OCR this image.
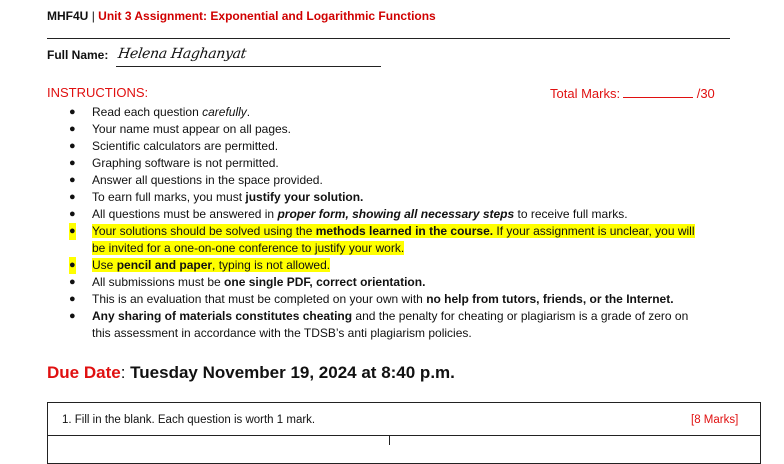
MHF4U | Unit 3 Assignment: Exponential and Logarithmic Functions
Full Name: Helena Haghanyat
INSTRUCTIONS:	Total Marks:	/30
● Read each question carefully.
● Your name must appear on all pages.
● Scientific calculators are permitted.
● Graphing software is not permitted.
● Answer all questions in the space provided.
● To earn full marks, you must justify your solution.
● All questions must be answered in proper form, showing all necessary steps to receive full marks.
● Your solutions should be solved using the methods learned in the course. If your assignment is unclear, you will
be invited for a one-on-one conference to justify your work.
● Use pencil and paper, typing is not allowed.
● All submissions must be one single PDF, correct orientation.
● This is an evaluation that must be completed on your own with no help from tutors, friends, or the Internet.
● Any sharing of materials constitutes cheating and the penalty for cheating or plagiarism is a grade of zero on
this assessment in accordance with the TDSB’s anti plagiarism policies.
Due Date: Tuesday November 19, 2024 at 8:40 p.m.
1. Fill in the blank. Each question is worth 1 mark.	[8 Marks]
